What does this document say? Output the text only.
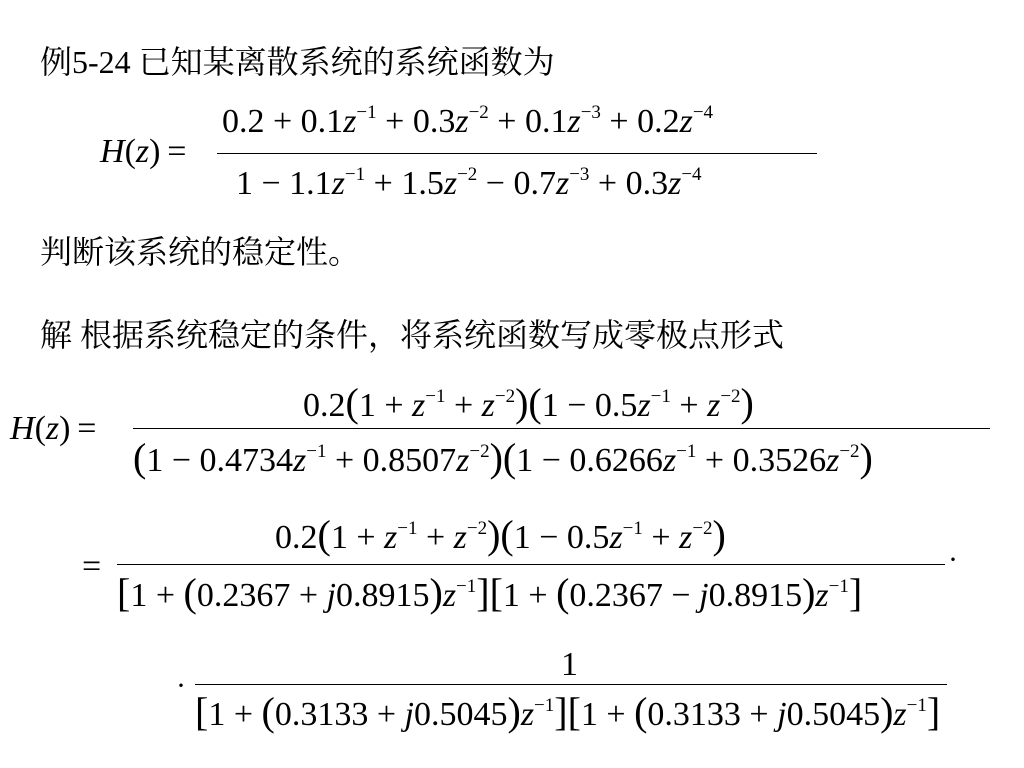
例5-24 已知某离散系统的系统函数为
H(z) =
$0.2 + 0.1z^{-1} + 0.3z^{-2} + 0.1z^{-3} + 0.2z^{-4}$
$1 - 1.1z^{-1} + 1.5z^{-2} - 0.7z^{-3} + 0.3z^{-4}$
判断该系统的稳定性。
解 根据系统稳定的条件，将系统函数写成零极点形式
H(z) =
$0.2(1 + z^{-1} + z^{-2})(1 - 0.5z^{-1} + z^{-2})$
$(1 - 0.4734z^{-1} + 0.8507z^{-2})(1 - 0.6266z^{-1} + 0.3526z^{-2})$
=
$0.2(1 + z^{-1} + z^{-2})(1 - 0.5z^{-1} + z^{-2})$
$[1 + (0.2367 + j0.8915)z^{-1}][1 + (0.2367 - j0.8915)z^{-1}]$
·
·
1
$[1 + (0.3133 + j0.5045)z^{-1}][1 + (0.3133 + j0.5045)z^{-1}]$
